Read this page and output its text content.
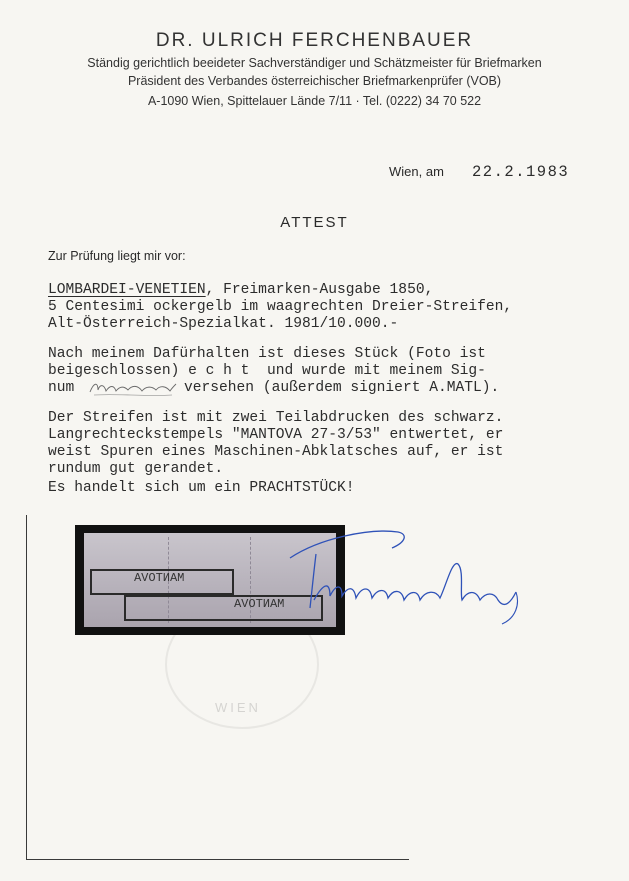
DR. ULRICH FERCHENBAUER
Ständig gerichtlich beeideter Sachverständiger und Schätzmeister für Briefmarken
Präsident des Verbandes österreichischer Briefmarkenprüfer (VOB)
A-1090 Wien, Spittelauer Lände 7/11 · Tel. (0222) 34 70 522
Wien, am 22.2.1983
ATTEST
Zur Prüfung liegt mir vor:
LOMBARDEI-VENETIEN, Freimarken-Ausgabe 1850,
5 Centesimi ockergelb im waagrechten Dreier-Streifen,
Alt-Österreich-Spezialkat. 1981/10.000.-
Nach meinem Dafürhalten ist dieses Stück (Foto ist
beigeschlossen) e c h t  und wurde mit meinem Sig-
num	versehen (außerdem signiert A.MATL).
Der Streifen ist mit zwei Teilabdrucken des schwarz.
Langrechteckstempels "MANTOVA 27-3/53" entwertet, er
weist Spuren eines Maschinen-Abklatsches auf, er ist
rundum gut gerandet.
Es handelt sich um ein PRACHTSTÜCK!
WIEN
MANTOVA
MANTOVA
